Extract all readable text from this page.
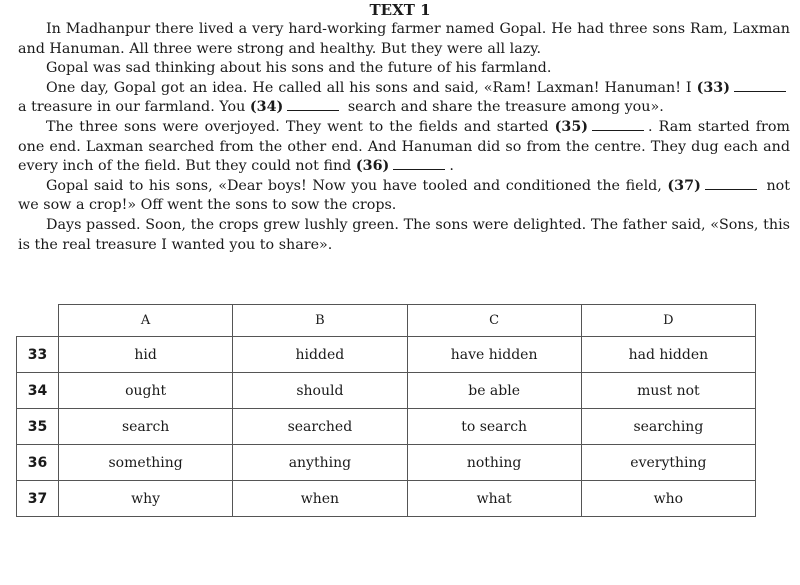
TEXT 1

In Madhanpur there lived a very hard-working farmer named Gopal. He had three sons Ram, Laxman and Hanuman. All three were strong and healthy. But they were all lazy.

Gopal was sad thinking about his sons and the future of his farmland.

One day, Gopal got an idea. He called all his sons and said, «Ram! Laxman! Hanuman! I (33) a treasure in our farmland. You (34)	search and share the treasure among you».

The three sons were overjoyed. They went to the fields and started (35)	. Ram started from one end. Laxman searched from the other end. And Hanuman did so from the centre. They dug each and every inch of the field. But they could not find (36)	.

Gopal said to his sons, «Dear boys! Now you have tooled and conditioned the field, (37)	not we sow a crop!» Off went the sons to sow the crops.

Days passed. Soon, the crops grew lushly green. The sons were delighted. The father said, «Sons, this is the real treasure I wanted you to share».

	A	B	C	D
33	hid	hidded	have hidden	had hidden
34	ought	should	be able	must not
35	search	searched	to search	searching
36	something	anything	nothing	everything
37	why	when	what	who
